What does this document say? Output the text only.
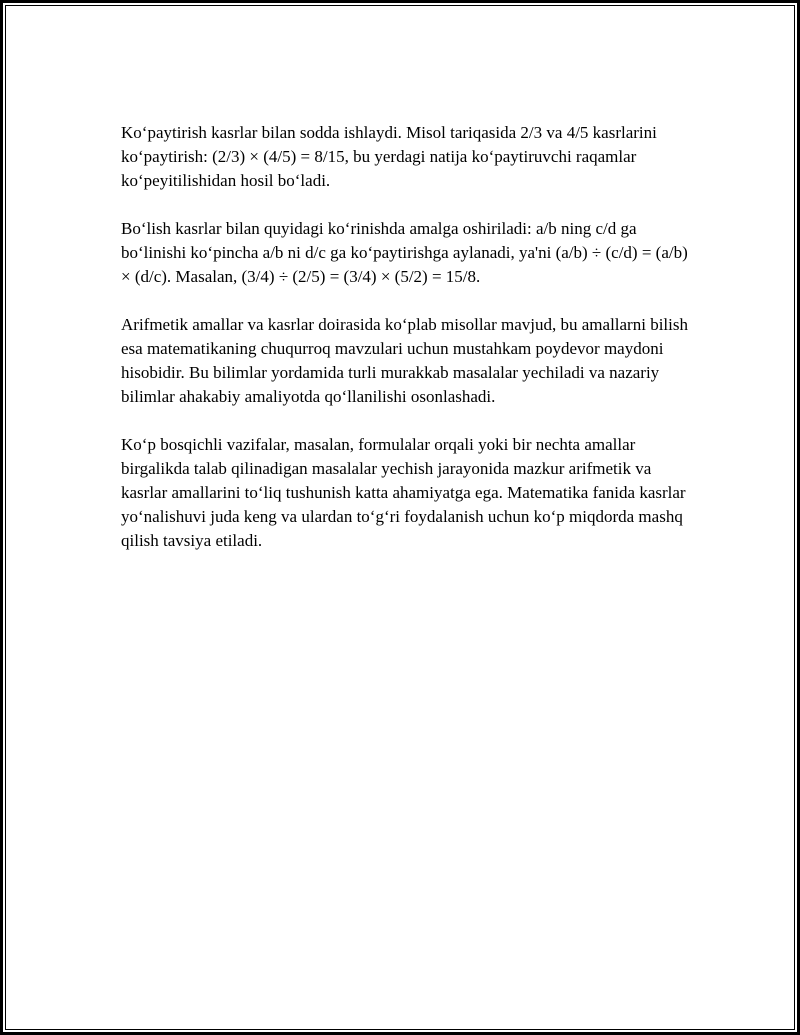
Koʻpaytirish kasrlar bilan sodda ishlaydi. Misol tariqasida 2/3 va 4/5 kasrlarini koʻpaytirish: (2/3) × (4/5) = 8/15, bu yerdagi natija koʻpaytiruvchi raqamlar koʻpeyitilishidan hosil boʻladi.

Boʻlish kasrlar bilan quyidagi koʻrinishda amalga oshiriladi: a/b ning c/d ga boʻlinishi koʻpincha a/b ni d/c ga koʻpaytirishga aylanadi, ya'ni (a/b) ÷ (c/d) = (a/b) × (d/c). Masalan, (3/4) ÷ (2/5) = (3/4) × (5/2) = 15/8.

Arifmetik amallar va kasrlar doirasida koʻplab misollar mavjud, bu amallarni bilish esa matematikaning chuqurroq mavzulari uchun mustahkam poydevor maydoni hisobidir. Bu bilimlar yordamida turli murakkab masalalar yechiladi va nazariy bilimlar ahakabiy amaliyotda qoʻllanilishi osonlashadi.

Koʻp bosqichli vazifalar, masalan, formulalar orqali yoki bir nechta amallar birgalikda talab qilinadigan masalalar yechish jarayonida mazkur arifmetik va kasrlar amallarini toʻliq tushunish katta ahamiyatga ega. Matematika fanida kasrlar yoʻnalishuvi juda keng va ulardan toʻgʻri foydalanish uchun koʻp miqdorda mashq qilish tavsiya etiladi.
